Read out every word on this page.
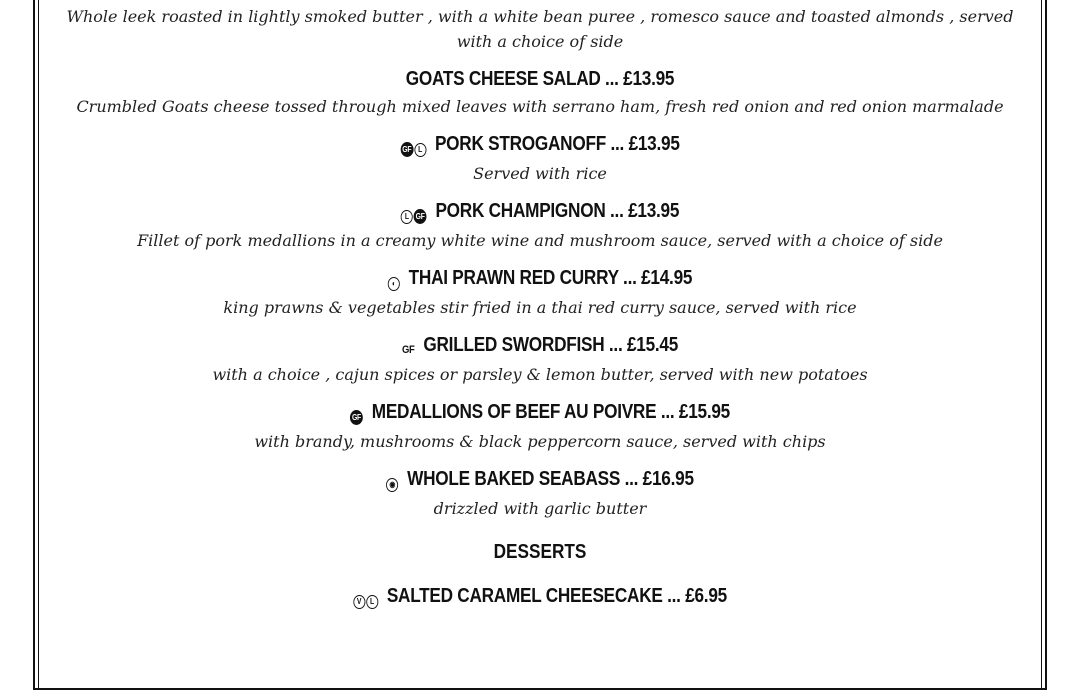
Whole leek roasted in lightly smoked butter , with a white bean puree , romesco sauce and toasted almonds , served with a choice of side
GOATS CHEESE SALAD ... £13.95
Crumbled Goats cheese tossed through mixed leaves with serrano ham, fresh red onion and red onion marmalade
GF L PORK STROGANOFF ... £13.95
Served with rice
L GF PORK CHAMPIGNON ... £13.95
Fillet of pork medallions in a creamy white wine and mushroom sauce, served with a choice of side
◐ THAI PRAWN RED CURRY ... £14.95
king prawns & vegetables stir fried in a thai red curry sauce, served with rice
GF GRILLED SWORDFISH ... £15.45
with a choice , cajun spices or parsley & lemon butter, served with new potatoes
GF MEDALLIONS OF BEEF AU POIVRE ... £15.95
with brandy, mushrooms & black peppercorn sauce, served with chips
◉ WHOLE BAKED SEABASS ... £16.95
drizzled with garlic butter
DESSERTS
V L SALTED CARAMEL CHEESECAKE ... £6.95
